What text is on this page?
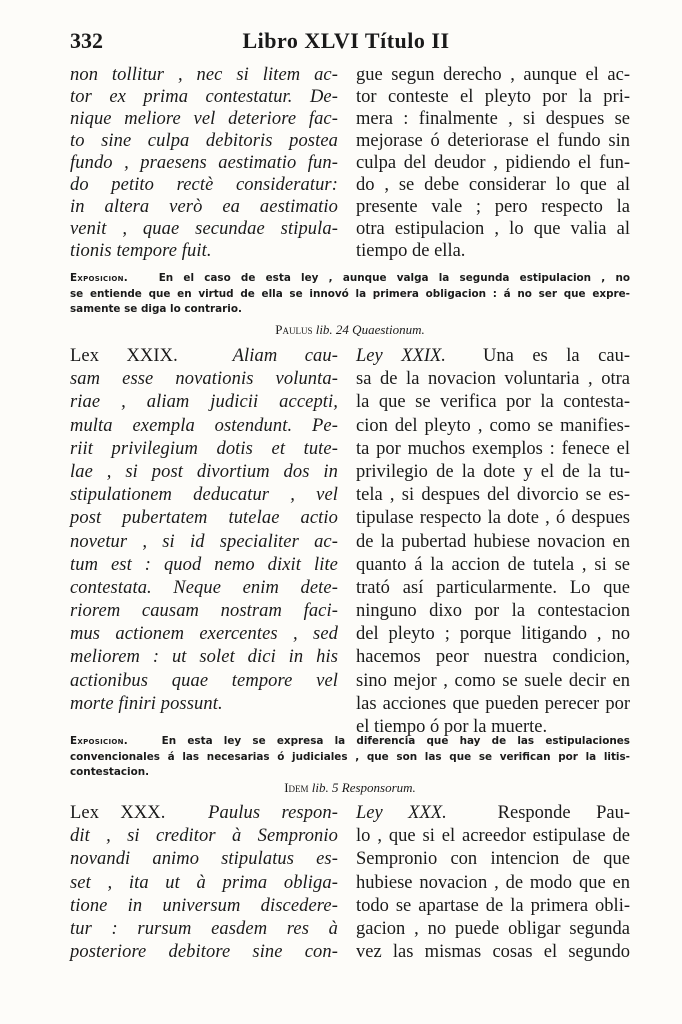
332	Libro XLVI Título II
non tollitur , nec si litem ac-
tor ex prima contestatur. De-
nique meliore vel deteriore fac-
to sine culpa debitoris postea
fundo , praesens aestimatio fun-
do petito rectè consideratur:
in altera verò ea aestimatio
venit , quae secundae stipula-
tionis tempore fuit.
gue segun derecho , aunque el ac-
tor conteste el pleyto por la pri-
mera : finalmente , si despues se
mejorase ó deteriorase el fundo sin
culpa del deudor , pidiendo el fun-
do , se debe considerar lo que al
presente vale ; pero respecto la
otra estipulacion , lo que valia al
tiempo de ella.
Exposicion.	En el caso de esta ley , aunque valga la segunda estipulacion , no
se entiende que en virtud de ella se innovó la primera obligacion : á no ser que expre-
samente se diga lo contrario.
Paulus lib. 24 Quaestionum.
Lex XXIX.	Aliam cau-
sam esse novationis volunta-
riae , aliam judicii accepti,
multa exempla ostendunt. Pe-
riit privilegium dotis et tute-
lae , si post divortium dos in
stipulationem deducatur , vel
post pubertatem tutelae actio
novetur , si id specialiter ac-
tum est : quod nemo dixit lite
contestata. Neque enim dete-
riorem causam nostram faci-
mus actionem exercentes , sed
meliorem : ut solet dici in his
actionibus quae tempore vel
morte finiri possunt.
Ley XXIX. Una es la cau-
sa de la novacion voluntaria , otra
la que se verifica por la contesta-
cion del pleyto , como se manifies-
ta por muchos exemplos : fenece el
privilegio de la dote y el de la tu-
tela , si despues del divorcio se es-
tipulase respecto la dote , ó despues
de la pubertad hubiese novacion en
quanto á la accion de tutela , si se
trató así particularmente. Lo que
ninguno dixo por la contestacion
del pleyto ; porque litigando , no
hacemos peor nuestra condicion,
sino mejor , como se suele decir en
las acciones que pueden perecer por
el tiempo ó por la muerte.
Exposicion.	En esta ley se expresa la diferencia que hay de las estipulaciones
convencionales á las necesarias ó judiciales , que son las que se verifican por la litis-
contestacion.
Idem lib. 5 Responsorum.
Lex XXX. Paulus respon-
dit , si creditor à Sempronio
novandi animo stipulatus es-
set , ita ut à prima obliga-
tione in universum discedere-
tur : rursum easdem res à
posteriore debitore sine con-
Ley XXX.	Responde Pau-
lo , que si el acreedor estipulase de
Sempronio con intencion de que
hubiese novacion , de modo que en
todo se apartase de la primera obli-
gacion , no puede obligar segunda
vez las mismas cosas el segundo
